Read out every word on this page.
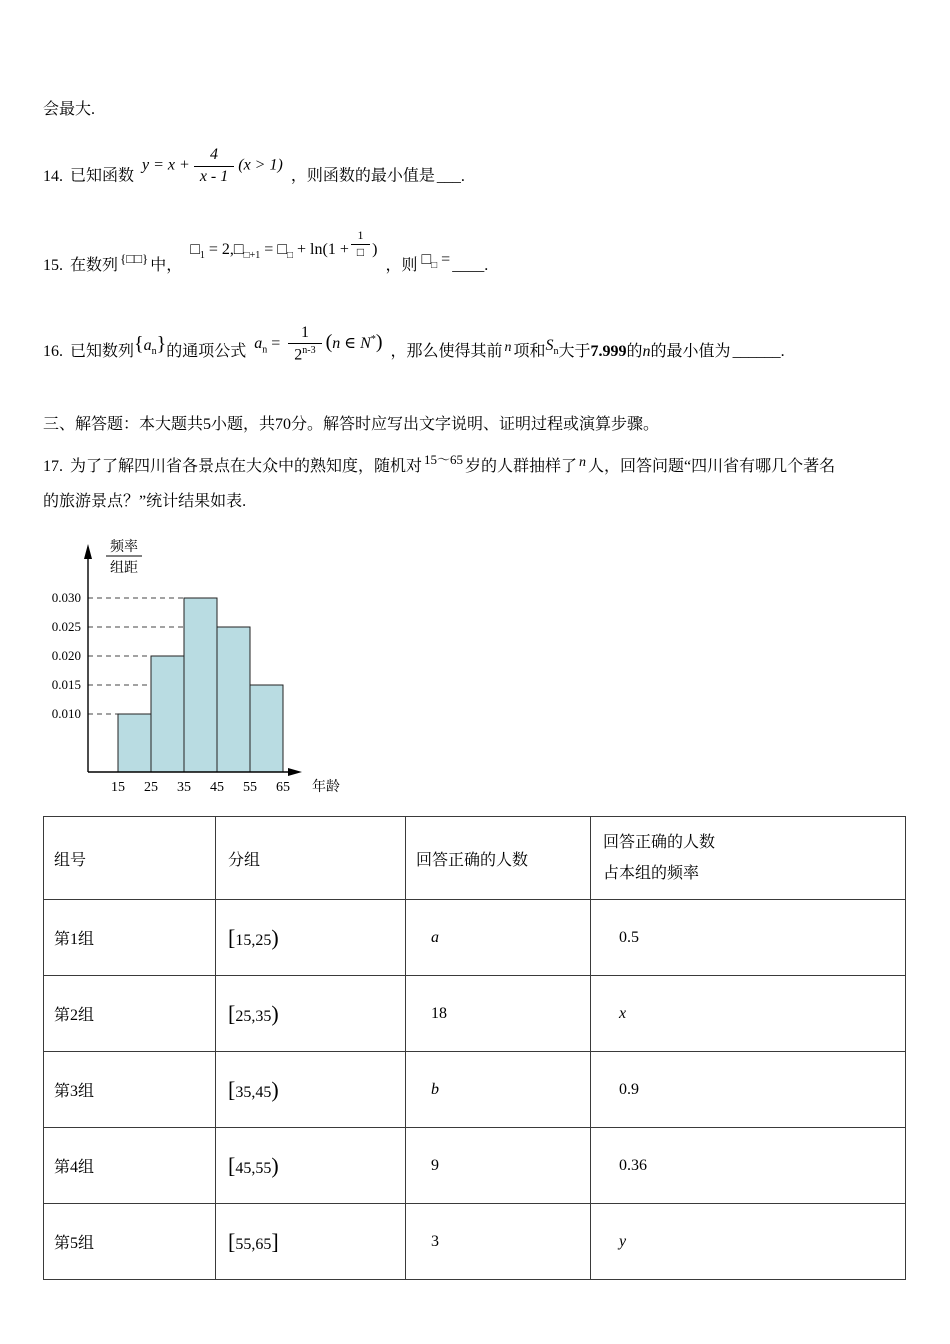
会最大.

14. 已知函数$y = x + \frac{4}{x - 1} (x > 1)$，则函数的最小值是 ___.

15. 在数列 {□□} 中，$□_1$ = $2,□_{□+1}$ = $□_□ + \ln(1 + \frac{1}{□}$ )，则 $□_□$ = ____.

16. 已知数列$\{a_n\}$的通项公式 $a_n = \frac{1}{2^{n-3}} (n$ ∈ N*) ，那么使得其前 n 项和$S_n$大于7.999的n的最小值为 ______.

三、解答题：本大题共5小题，共70分。解答时应写出文字说明、证明过程或演算步骤。

17. 为了了解四川省各景点在大众中的熟知度，随机对 $^{15\sim 65}$ 岁的人群抽样了 n 人，回答问题“四川省有哪几个著名
的旅游景点？”统计结果如表.

0.010
0.015
0.020
0.025
0.030
15 25 35 45 55 65 年龄
频率
组距
组号	分组	回答正确的人数	回答正确的人数
占本组的频率

第1组	[15,25)	a	0.5
第2组	[25,35)	18	x
第3组	[35,45)	b	0.9
第4组	[45,55)	9	0.36
第5组	[55,65]	3	y
